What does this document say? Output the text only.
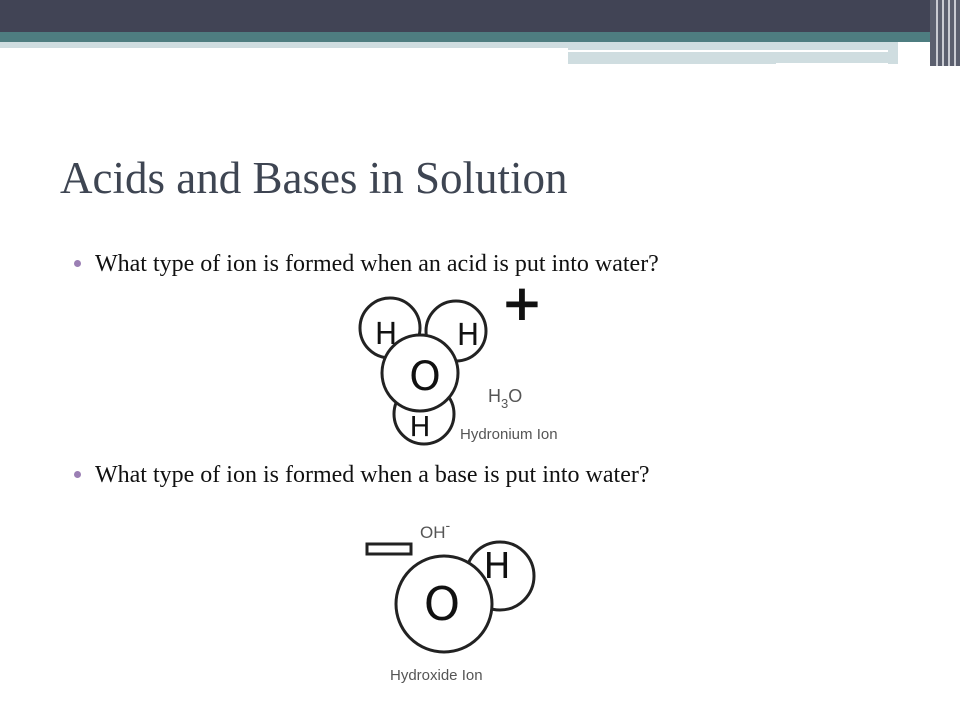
Acids and Bases in Solution
What type of ion is formed when an acid is put into water?
What type of ion is formed when a base is put into water?
H H
O
H
+
$H_3O$
Hydronium Ion
H
O
OH-
Hydroxide Ion
